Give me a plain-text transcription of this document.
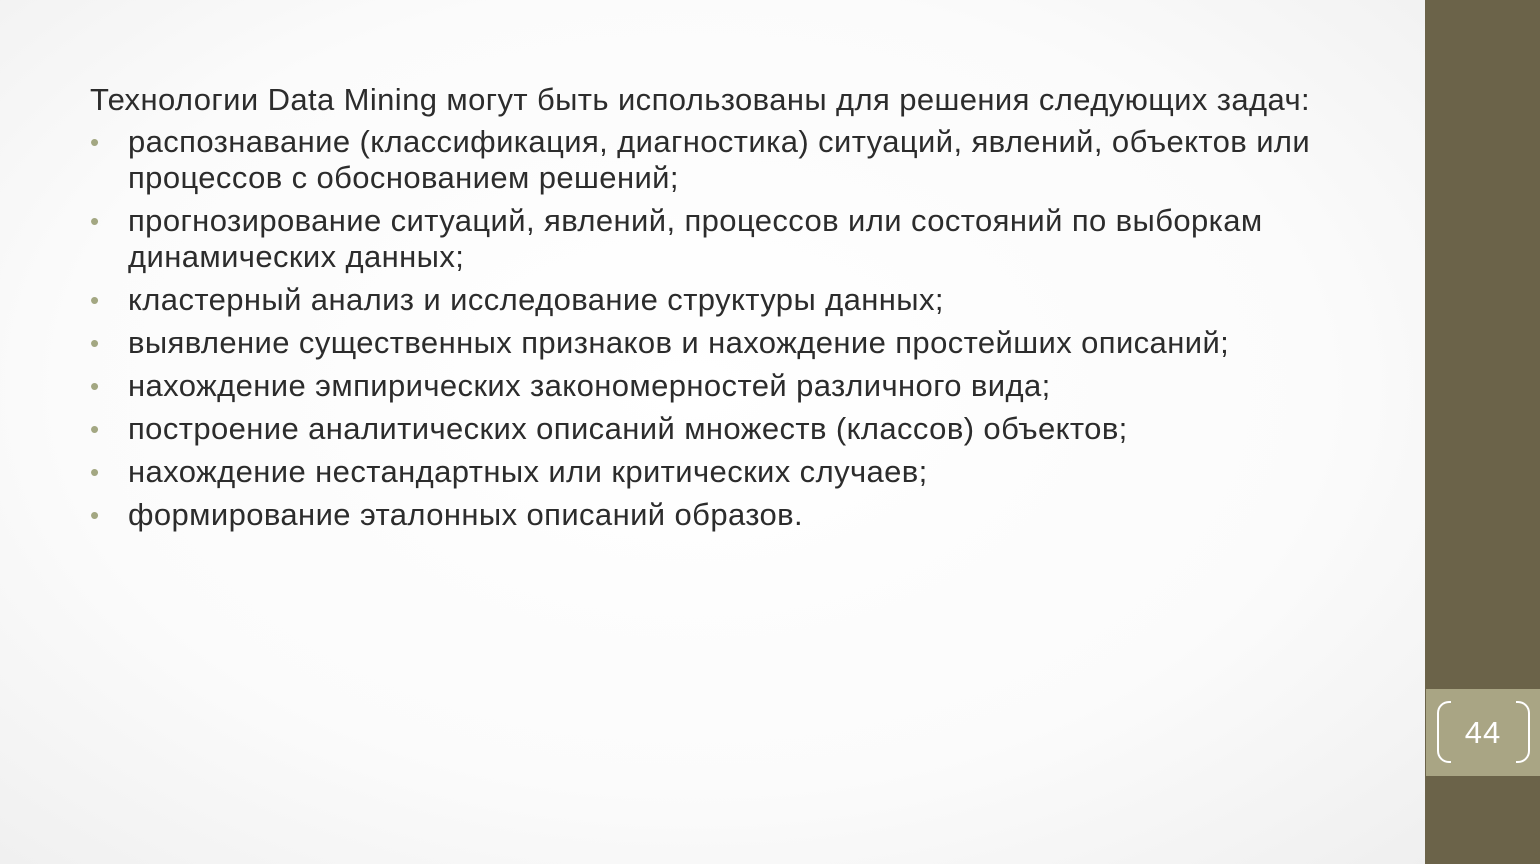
Технологии Data Mining могут быть использованы для решения следующих задач:
• распознавание (классификация, диагностика) ситуаций, явлений, объектов или процессов с обоснованием решений;
• прогнозирование ситуаций, явлений, процессов или состояний по выборкам динамических данных;
• кластерный анализ и исследование структуры данных;
• выявление существенных признаков и нахождение простейших описаний;
• нахождение эмпирических закономерностей различного вида;
• построение аналитических описаний множеств (классов) объектов;
• нахождение нестандартных или критических случаев;
• формирование эталонных описаний образов.
44
